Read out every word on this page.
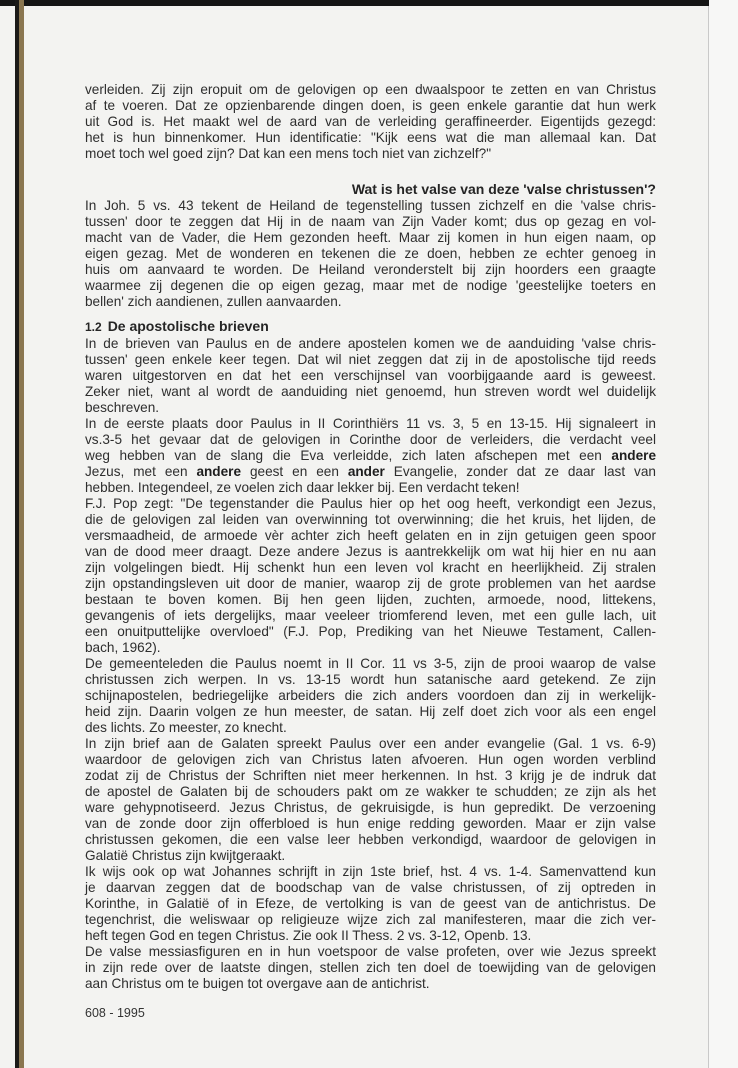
verleiden. Zij zijn eropuit om de gelovigen op een dwaalspoor te zetten en van Christus
af te voeren. Dat ze opzienbarende dingen doen, is geen enkele garantie dat hun werk
uit God is. Het maakt wel de aard van de verleiding geraffineerder. Eigentijds gezegd:
het is hun binnenkomer. Hun identificatie: "Kijk eens wat die man allemaal kan. Dat
moet toch wel goed zijn? Dat kan een mens toch niet van zichzelf?"
Wat is het valse van deze 'valse christussen'?
In Joh. 5 vs. 43 tekent de Heiland de tegenstelling tussen zichzelf en die 'valse chris-
tussen' door te zeggen dat Hij in de naam van Zijn Vader komt; dus op gezag en vol-
macht van de Vader, die Hem gezonden heeft. Maar zij komen in hun eigen naam, op
eigen gezag. Met de wonderen en tekenen die ze doen, hebben ze echter genoeg in
huis om aanvaard te worden. De Heiland veronderstelt bij zijn hoorders een graagte
waarmee zij degenen die op eigen gezag, maar met de nodige 'geestelijke toeters en
bellen' zich aandienen, zullen aanvaarden.
1.2 De apostolische brieven
In de brieven van Paulus en de andere apostelen komen we de aanduiding 'valse chris-
tussen' geen enkele keer tegen. Dat wil niet zeggen dat zij in de apostolische tijd reeds
waren uitgestorven en dat het een verschijnsel van voorbijgaande aard is geweest.
Zeker niet, want al wordt de aanduiding niet genoemd, hun streven wordt wel duidelijk
beschreven.
In de eerste plaats door Paulus in II Corinthiërs 11 vs. 3, 5 en 13-15. Hij signaleert in
vs.3-5 het gevaar dat de gelovigen in Corinthe door de verleiders, die verdacht veel
weg hebben van de slang die Eva verleidde, zich laten afschepen met een andere
Jezus, met een andere geest en een ander Evangelie, zonder dat ze daar last van
hebben. Integendeel, ze voelen zich daar lekker bij. Een verdacht teken!
F.J. Pop zegt: "De tegenstander die Paulus hier op het oog heeft, verkondigt een Jezus,
die de gelovigen zal leiden van overwinning tot overwinning; die het kruis, het lijden, de
versmaadheid, de armoede vèr achter zich heeft gelaten en in zijn getuigen geen spoor
van de dood meer draagt. Deze andere Jezus is aantrekkelijk om wat hij hier en nu aan
zijn volgelingen biedt. Hij schenkt hun een leven vol kracht en heerlijkheid. Zij stralen
zijn opstandingsleven uit door de manier, waarop zij de grote problemen van het aardse
bestaan te boven komen. Bij hen geen lijden, zuchten, armoede, nood, littekens,
gevangenis of iets dergelijks, maar veeleer triomferend leven, met een gulle lach, uit
een onuitputtelijke overvloed" (F.J. Pop, Prediking van het Nieuwe Testament, Callen-
bach, 1962).
De gemeenteleden die Paulus noemt in II Cor. 11 vs 3-5, zijn de prooi waarop de valse
christussen zich werpen. In vs. 13-15 wordt hun satanische aard getekend. Ze zijn
schijnapostelen, bedriegelijke arbeiders die zich anders voordoen dan zij in werkelijk-
heid zijn. Daarin volgen ze hun meester, de satan. Hij zelf doet zich voor als een engel
des lichts. Zo meester, zo knecht.
In zijn brief aan de Galaten spreekt Paulus over een ander evangelie (Gal. 1 vs. 6-9)
waardoor de gelovigen zich van Christus laten afvoeren. Hun ogen worden verblind
zodat zij de Christus der Schriften niet meer herkennen. In hst. 3 krijg je de indruk dat
de apostel de Galaten bij de schouders pakt om ze wakker te schudden; ze zijn als het
ware gehypnotiseerd. Jezus Christus, de gekruisigde, is hun gepredikt. De verzoening
van de zonde door zijn offerbloed is hun enige redding geworden. Maar er zijn valse
christussen gekomen, die een valse leer hebben verkondigd, waardoor de gelovigen in
Galatië Christus zijn kwijtgeraakt.
Ik wijs ook op wat Johannes schrijft in zijn 1ste brief, hst. 4 vs. 1-4. Samenvattend kun
je daarvan zeggen dat de boodschap van de valse christussen, of zij optreden in
Korinthe, in Galatië of in Efeze, de vertolking is van de geest van de antichristus. De
tegenchrist, die weliswaar op religieuze wijze zich zal manifesteren, maar die zich ver-
heft tegen God en tegen Christus. Zie ook II Thess. 2 vs. 3-12, Openb. 13.
De valse messiasfiguren en in hun voetspoor de valse profeten, over wie Jezus spreekt
in zijn rede over de laatste dingen, stellen zich ten doel de toewijding van de gelovigen
aan Christus om te buigen tot overgave aan de antichrist.
608 - 1995
